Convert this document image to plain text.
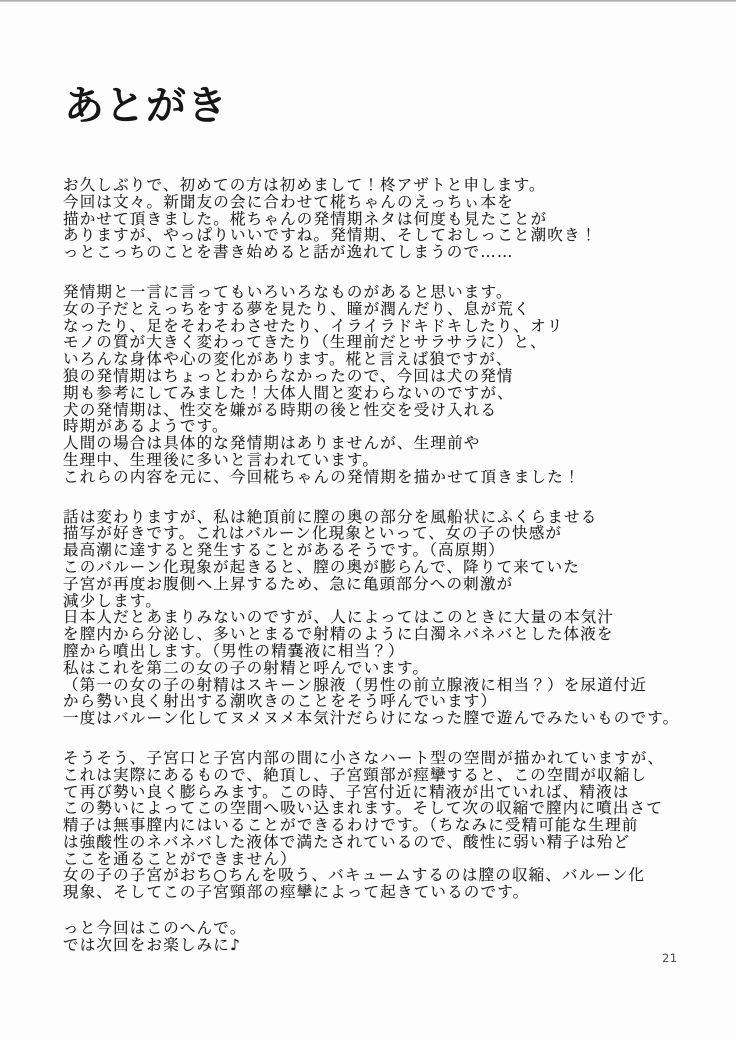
あとがき
お久しぶりで、初めての方は初めまして！柊アザトと申します。
今回は文々。新聞友の会に合わせて椛ちゃんのえっちぃ本を
描かせて頂きました。椛ちゃんの発情期ネタは何度も見たことが
ありますが、やっぱりいいですね。発情期、そしておしっこと潮吹き！
っとこっちのことを書き始めると話が逸れてしまうので……
発情期と一言に言ってもいろいろなものがあると思います。
女の子だとえっちをする夢を見たり、瞳が潤んだり、息が荒く
なったり、足をそわそわさせたり、イライラドキドキしたり、オリ
モノの質が大きく変わってきたり（生理前だとサラサラに）と、
いろんな身体や心の変化があります。椛と言えば狼ですが、
狼の発情期はちょっとわからなかったので、今回は犬の発情
期も参考にしてみました！大体人間と変わらないのですが、
犬の発情期は、性交を嫌がる時期の後と性交を受け入れる
時期があるようです。
人間の場合は具体的な発情期はありませんが、生理前や
生理中、生理後に多いと言われています。
これらの内容を元に、今回椛ちゃんの発情期を描かせて頂きました！
話は変わりますが、私は絶頂前に膣の奥の部分を風船状にふくらませる
描写が好きです。これはバルーン化現象といって、女の子の快感が
最高潮に達すると発生することがあるそうです。（高原期）
このバルーン化現象が起きると、膣の奥が膨らんで、降りて来ていた
子宮が再度お腹側へ上昇するため、急に亀頭部分への刺激が
減少します。
日本人だとあまりみないのですが、人によってはこのときに大量の本気汁
を膣内から分泌し、多いとまるで射精のように白濁ネバネバとした体液を
膣から噴出します。（男性の精嚢液に相当？）
私はこれを第二の女の子の射精と呼んでいます。
（第一の女の子の射精はスキーン腺液（男性の前立腺液に相当？）を尿道付近
から勢い良く射出する潮吹きのことをそう呼んでいます）
一度はバルーン化してヌメヌメ本気汁だらけになった膣で遊んでみたいものです。
そうそう、子宮口と子宮内部の間に小さなハート型の空間が描かれていますが、
これは実際にあるもので、絶頂し、子宮頸部が痙攣すると、この空間が収縮し
て再び勢い良く膨らみます。この時、子宮付近に精液が出ていれば、精液は
この勢いによってこの空間へ吸い込まれます。そして次の収縮で膣内に噴出さて
精子は無事膣内にはいることができるわけです。（ちなみに受精可能な生理前
は強酸性のネバネバした液体で満たされているので、酸性に弱い精子は殆ど
ここを通ることができません）
女の子の子宮がおち○ちんを吸う、バキュームするのは膣の収縮、バルーン化
現象、そしてこの子宮頸部の痙攣によって起きているのです。
っと今回はこのへんで。
では次回をお楽しみに♪
21
